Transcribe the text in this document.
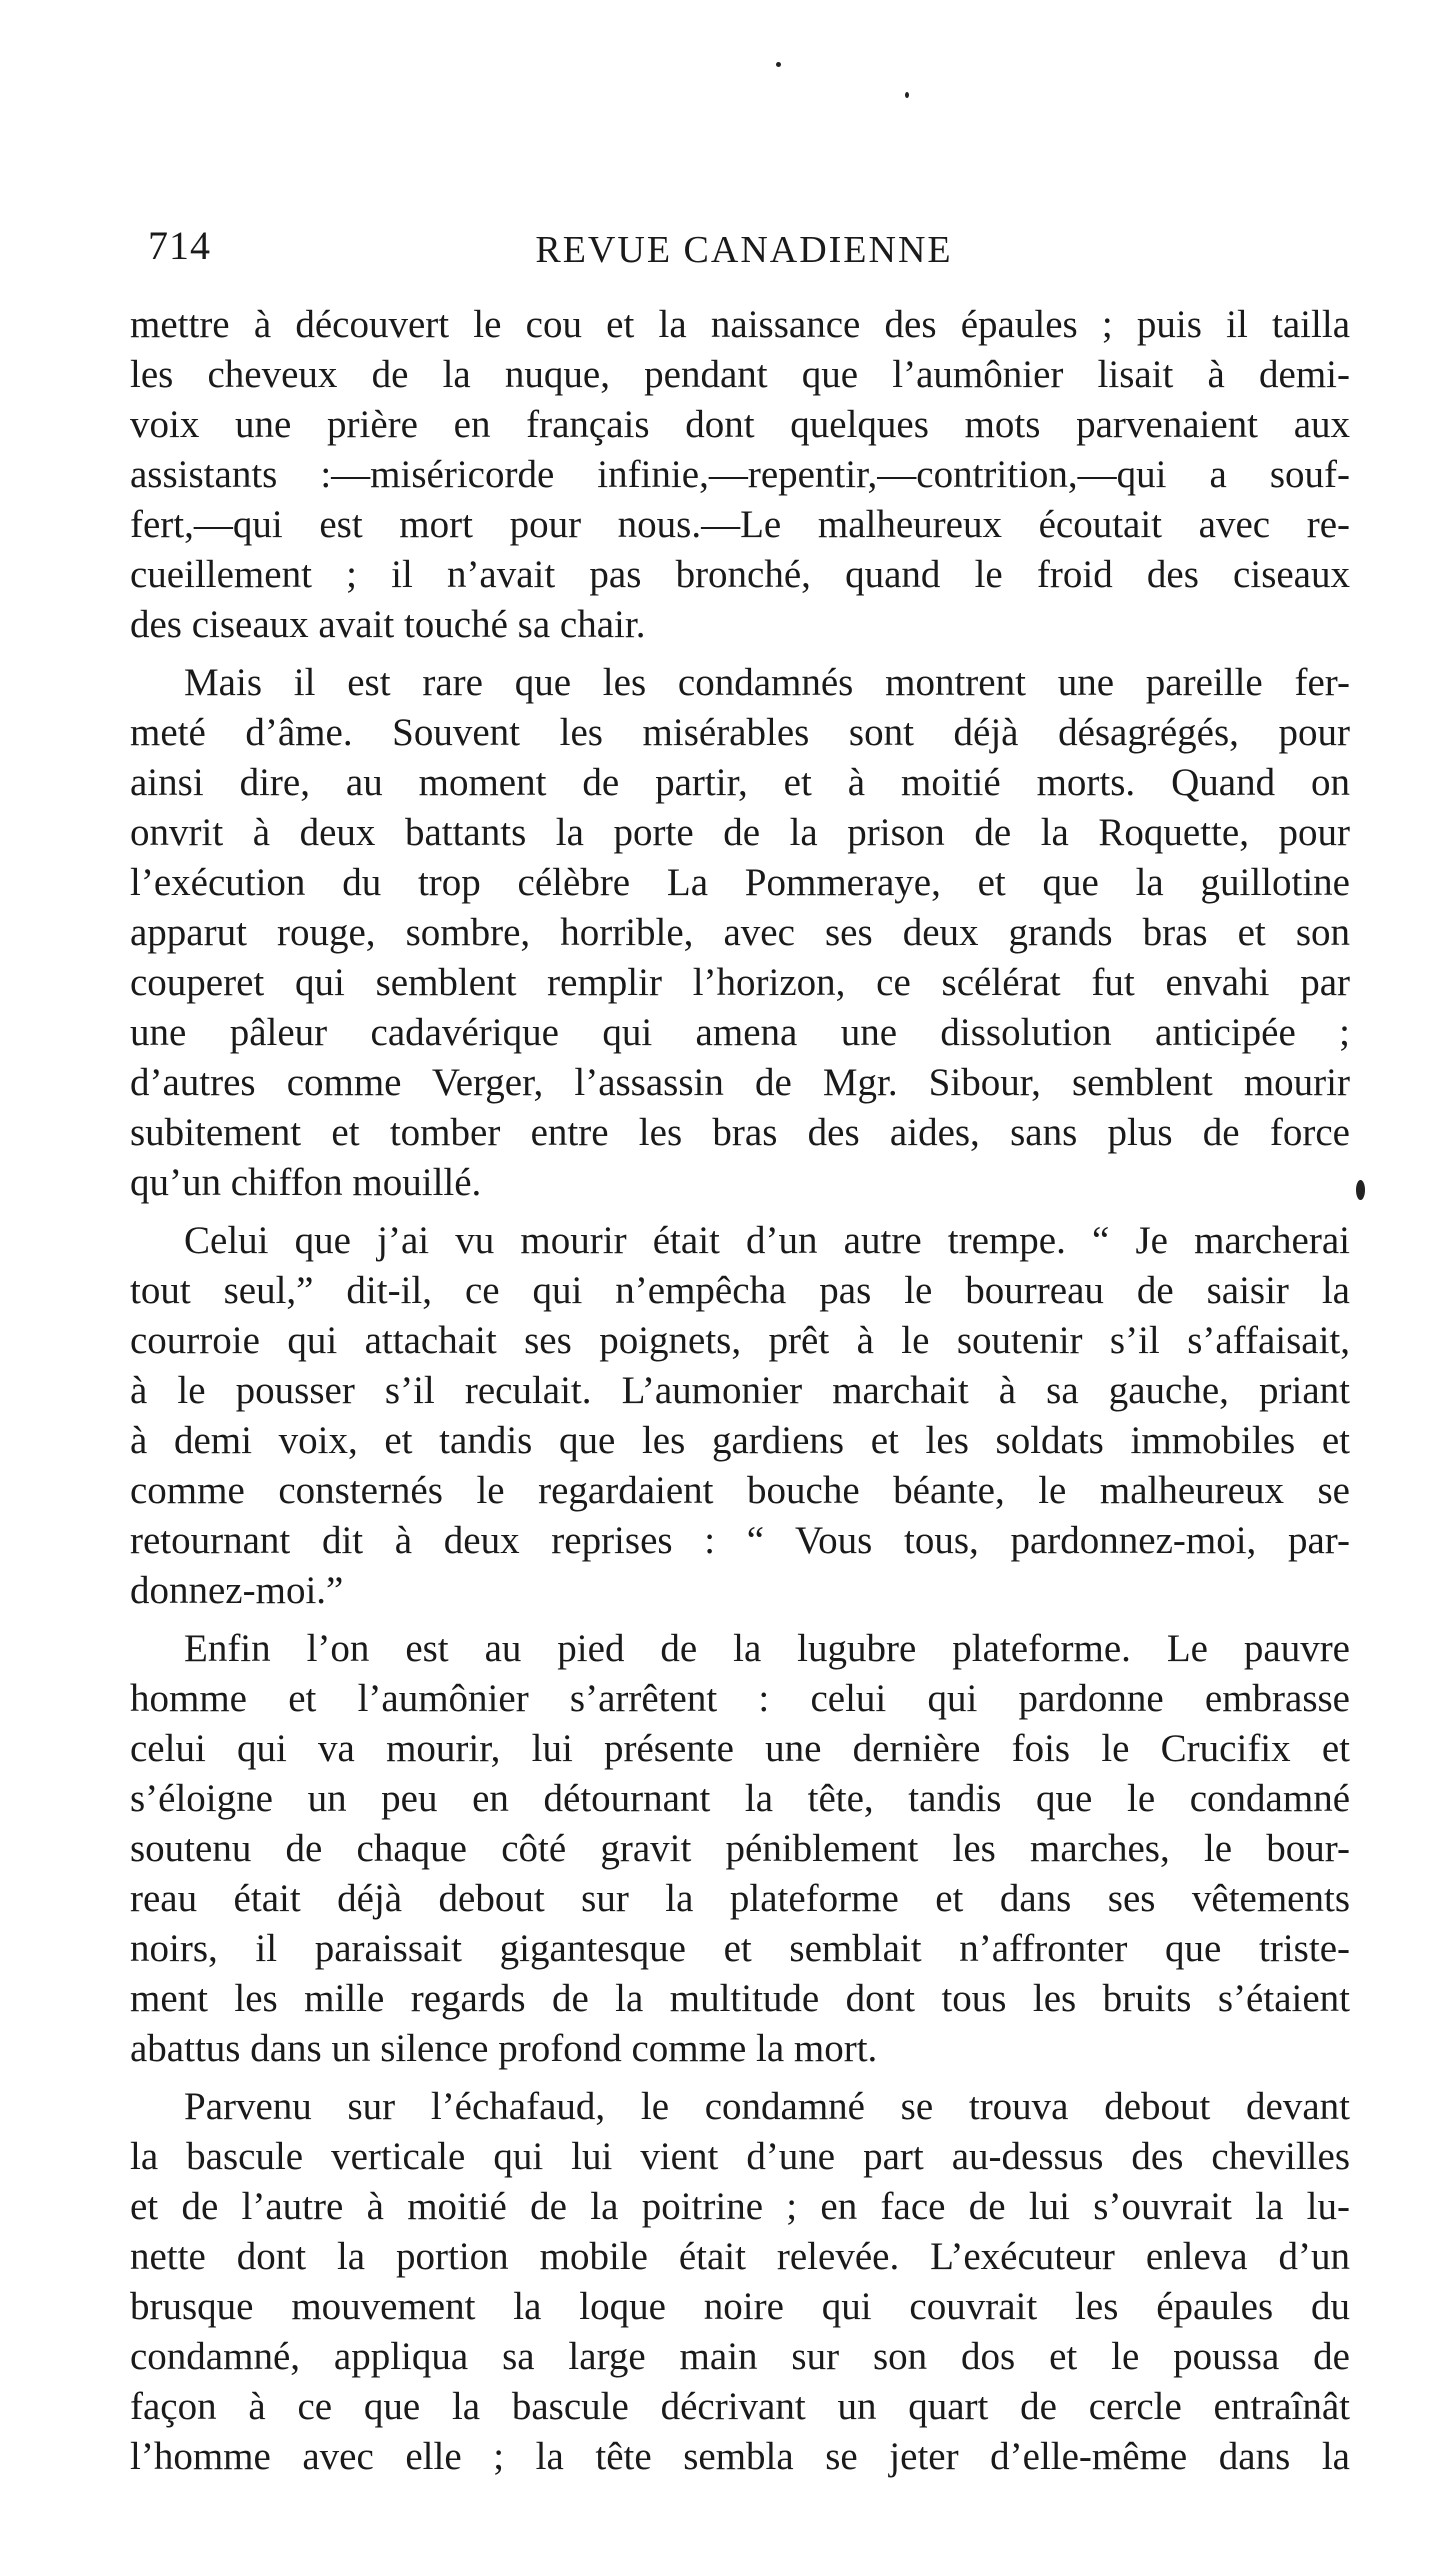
714	REVUE CANADIENNE
mettre à découvert le cou et la naissance des épaules ; puis il tailla
les cheveux de la nuque, pendant que l’aumônier lisait à demi-
voix une prière en français dont quelques mots parvenaient aux
assistants :—miséricorde infinie,—repentir,—contrition,—qui a souf-
fert,—qui est mort pour nous.—Le malheureux écoutait avec re-
cueillement ; il n’avait pas bronché, quand le froid des ciseaux
des ciseaux avait touché sa chair.
Mais il est rare que les condamnés montrent une pareille fer-
meté d’âme. Souvent les misérables sont déjà désagrégés, pour
ainsi dire, au moment de partir, et à moitié morts. Quand on
onvrit à deux battants la porte de la prison de la Roquette, pour
l’exécution du trop célèbre La Pommeraye, et que la guillotine
apparut rouge, sombre, horrible, avec ses deux grands bras et son
couperet qui semblent remplir l’horizon, ce scélérat fut envahi par
une pâleur cadavérique qui amena une dissolution anticipée ;
d’autres comme Verger, l’assassin de Mgr. Sibour, semblent mourir
subitement et tomber entre les bras des aides, sans plus de force
qu’un chiffon mouillé.
Celui que j’ai vu mourir était d’un autre trempe. “ Je marcherai
tout seul,” dit-il, ce qui n’empêcha pas le bourreau de saisir la
courroie qui attachait ses poignets, prêt à le soutenir s’il s’affaisait,
à le pousser s’il reculait. L’aumonier marchait à sa gauche, priant
à demi voix, et tandis que les gardiens et les soldats immobiles et
comme consternés le regardaient bouche béante, le malheureux se
retournant dit à deux reprises : “ Vous tous, pardonnez-moi, par-
donnez-moi.”
Enfin l’on est au pied de la lugubre plateforme. Le pauvre
homme et l’aumônier s’arrêtent : celui qui pardonne embrasse
celui qui va mourir, lui présente une dernière fois le Crucifix et
s’éloigne un peu en détournant la tête, tandis que le condamné
soutenu de chaque côté gravit péniblement les marches, le bour-
reau était déjà debout sur la plateforme et dans ses vêtements
noirs, il paraissait gigantesque et semblait n’affronter que triste-
ment les mille regards de la multitude dont tous les bruits s’étaient
abattus dans un silence profond comme la mort.
Parvenu sur l’échafaud, le condamné se trouva debout devant
la bascule verticale qui lui vient d’une part au-dessus des chevilles
et de l’autre à moitié de la poitrine ; en face de lui s’ouvrait la lu-
nette dont la portion mobile était relevée. L’exécuteur enleva d’un
brusque mouvement la loque noire qui couvrait les épaules du
condamné, appliqua sa large main sur son dos et le poussa de
façon à ce que la bascule décrivant un quart de cercle entraînât
l’homme avec elle ; la tête sembla se jeter d’elle-même dans la
